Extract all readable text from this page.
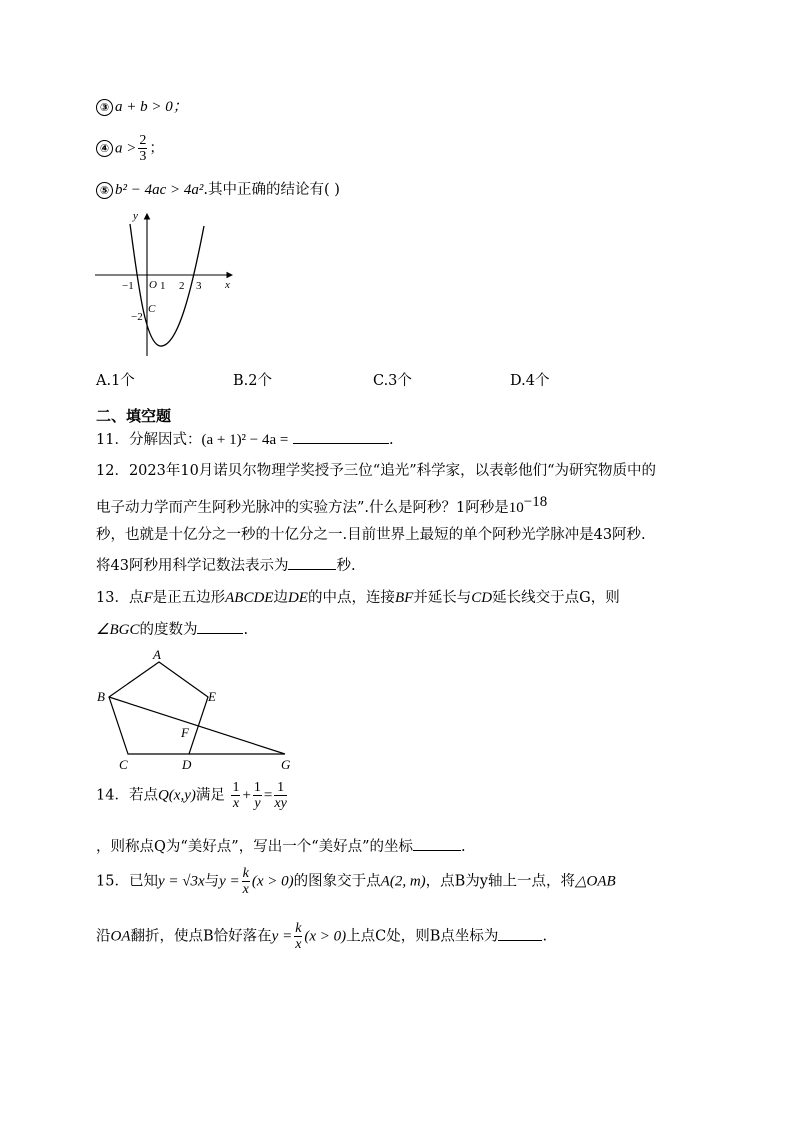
③ a + b > 0；
④ $a > \frac{2}{3}$ ；
⑤ b² − 4ac > 4a².其中正确的结论有( )
y
x
O
−1 1 2 3
−2
C
A.1个	B.2个	C.3个	D.4个
二、填空题
11．分解因式：(a + 1)² − 4a =	.
12．2023年10月诺贝尔物理学奖授予三位“追光”科学家，以表彰他们“为研究物质中的
电子动力学而产生阿秒光脉冲的实验方法”.什么是阿秒？1阿秒是$10^{-18}$
秒，也就是十亿分之一秒的十亿分之一.目前世界上最短的单个阿秒光学脉冲是43阿秒.
将43阿秒用科学记数法表示为	秒.
13．点F是正五边形ABCDE边DE的中点，连接BF并延长与CD延长线交于点G，则
∠BGC的度数为	.
A
B
C	D
E
F
G
14．若点Q(x,y)满足 $\frac{1}{x} + \frac{1}{y} = \frac{1}{xy}$
，则称点Q为“美好点”，写出一个“美好点”的坐标	.
15．已知y = √3x与$y = \frac{k}{x} (x > 0)$的图象交于点A(2, m)，点B为y轴上一点，将△OAB
沿OA翻折，使点B恰好落在$y = \frac{k}{x} (x > 0)$上点C处，则B点坐标为	.
